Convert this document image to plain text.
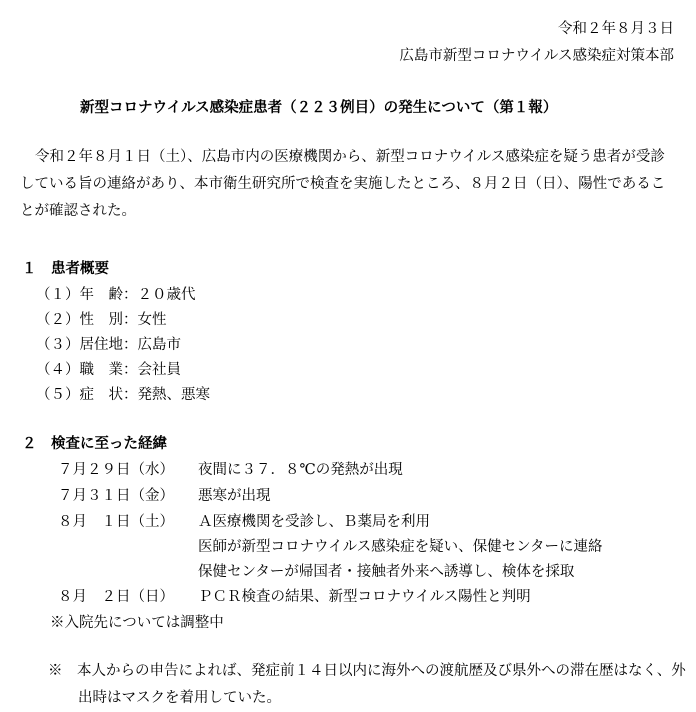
令和２年８月３日
広島市新型コロナウイルス感染症対策本部
新型コロナウイルス感染症患者（２２３例目）の発生について（第１報）
令和２年８月１日（土）、広島市内の医療機関から、新型コロナウイルス感染症を疑う患者が受診している旨の連絡があり、本市衛生研究所で検査を実施したところ、８月２日（日）、陽性であることが確認された。
１　患者概要
（１）年　齢：２０歳代
（２）性　別：女性
（３）居住地：広島市
（４）職　業：会社員
（５）症　状：発熱、悪寒
２　検査に至った経緯
７月２９日（水） 夜間に３７．８℃の発熱が出現
７月３１日（金） 悪寒が出現
８月　１日（土） Ａ医療機関を受診し、Ｂ薬局を利用
医師が新型コロナウイルス感染症を疑い、保健センターに連絡
保健センターが帰国者・接触者外来へ誘導し、検体を採取
８月　２日（日） ＰＣＲ検査の結果、新型コロナウイルス陽性と判明
※入院先については調整中
※　本人からの申告によれば、発症前１４日以内に海外への渡航歴及び県外への滞在歴はなく、外出時はマスクを着用していた。
